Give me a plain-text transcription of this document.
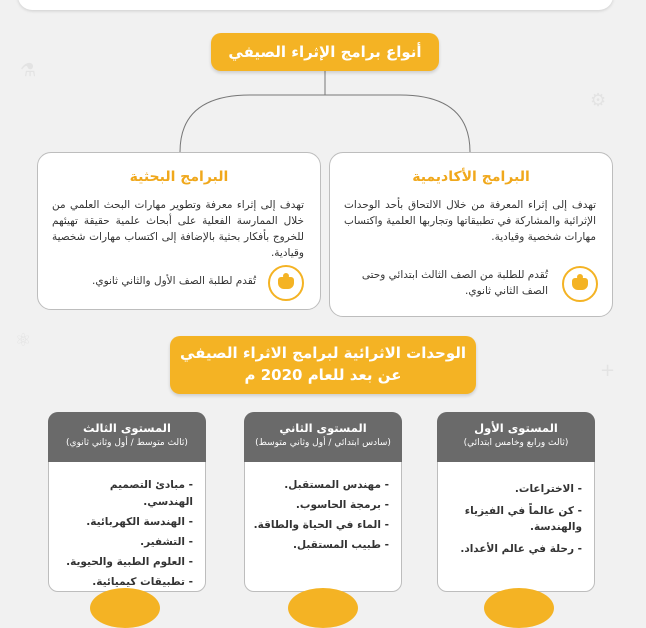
⚗
⚙
⚛
+
أنواع برامج الإثراء الصيفي
البرامج الأكاديمية
تهدف إلى إثراء المعرفة من خلال الالتحاق بأحد الوحدات الإثرائية والمشاركة في تطبيقاتها وتجاربها العلمية واكتساب مهارات شخصية وقيادية.
تُقدم للطلبة من الصف الثالث ابتدائي وحتى الصف الثاني ثانوي.
البرامج البحثية
تهدف إلى إثراء معرفة وتطوير مهارات البحث العلمي من خلال الممارسة الفعلية على أبحاث علمية حقيقة تهيئهم للخروج بأفكار بحثية بالإضافة إلى اكتساب مهارات شخصية وقيادية.
تُقدم لطلبة الصف الأول والثاني ثانوي.
الوحدات الاثرائية لبرامج الاثراء الصيفي
عن بعد للعام 2020 م
المستوى الأول
(ثالث ورابع وخامس ابتدائي)
- الاختراعات.
- كن عالماً في الفيزياء والهندسة.
- رحلة في عالم الأعداد.
المستوى الثاني
(سادس ابتدائي / أول وثاني متوسط)
- مهندس المستقبل.
- برمجة الحاسوب.
- الماء في الحياة والطاقة.
- طبيب المستقبل.
المستوى الثالث
(ثالث متوسط / أول وثاني ثانوي)
- مبادئ التصميم الهندسي.
- الهندسة الكهربائية.
- التشفير.
- العلوم الطبية والحيوية.
- تطبيقات كيميائية.
